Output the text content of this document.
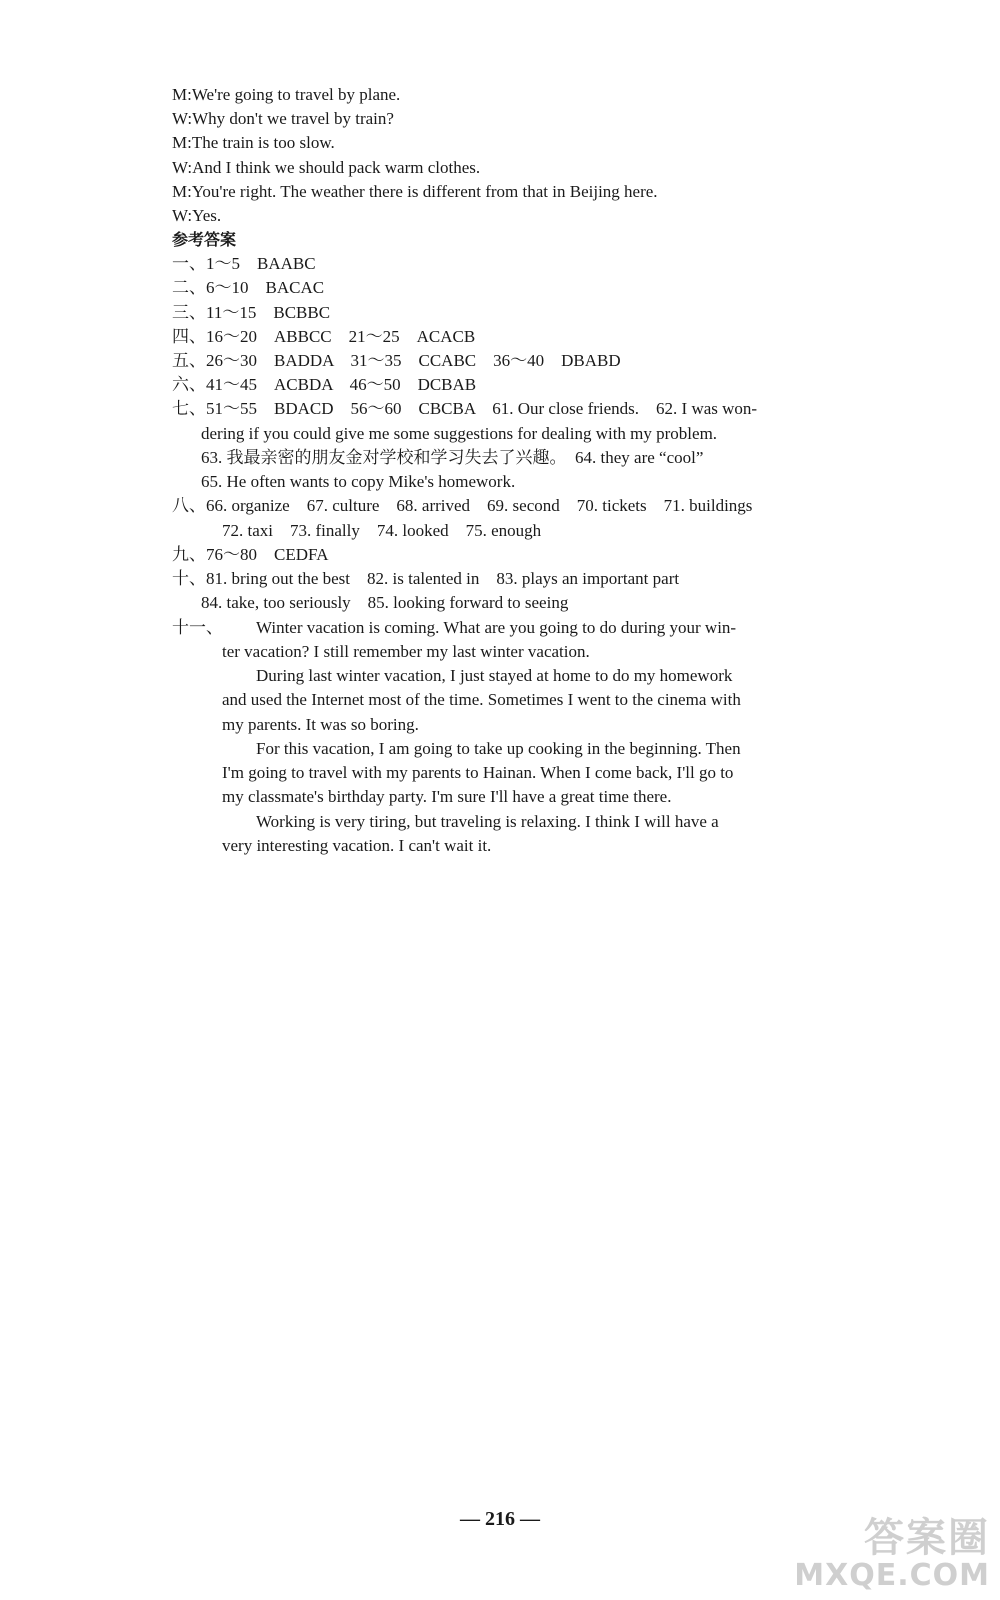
M:We're going to travel by plane.
W:Why don't we travel by train?
M:The train is too slow.
W:And I think we should pack warm clothes.
M:You're right. The weather there is different from that in Beijing here.
W:Yes.
参考答案
一、1～5　BAABC
二、6～10　BACAC
三、11～15　BCBBC
四、16～20　ABBCC　21～25　ACACB
五、26～30　BADDA　31～35　CCABC　36～40　DBABD
六、41～45　ACBDA　46～50　DCBAB
七、51～55　BDACD　56～60　CBCBA　61. Our close friends.　62. I was won-
dering if you could give me some suggestions for dealing with my problem.
63. 我最亲密的朋友金对学校和学习失去了兴趣。　64. they are “cool”
65. He often wants to copy Mike's homework.
八、66. organize　67. culture　68. arrived　69. second　70. tickets　71. buildings
72. taxi　73. finally　74. looked　75. enough
九、76～80　CEDFA
十、81. bring out the best　82. is talented in　83. plays an important part
84. take, too seriously　85. looking forward to seeing
十一、 Winter vacation is coming. What are you going to do during your win-
ter vacation? I still remember my last winter vacation.
During last winter vacation, I just stayed at home to do my homework
and used the Internet most of the time. Sometimes I went to the cinema with
my parents. It was so boring.
For this vacation, I am going to take up cooking in the beginning. Then
I'm going to travel with my parents to Hainan. When I come back, I'll go to
my classmate's birthday party. I'm sure I'll have a great time there.
Working is very tiring, but traveling is relaxing. I think I will have a
very interesting vacation. I can't wait it.
— 216 —	答案圈
MXQE.COM
